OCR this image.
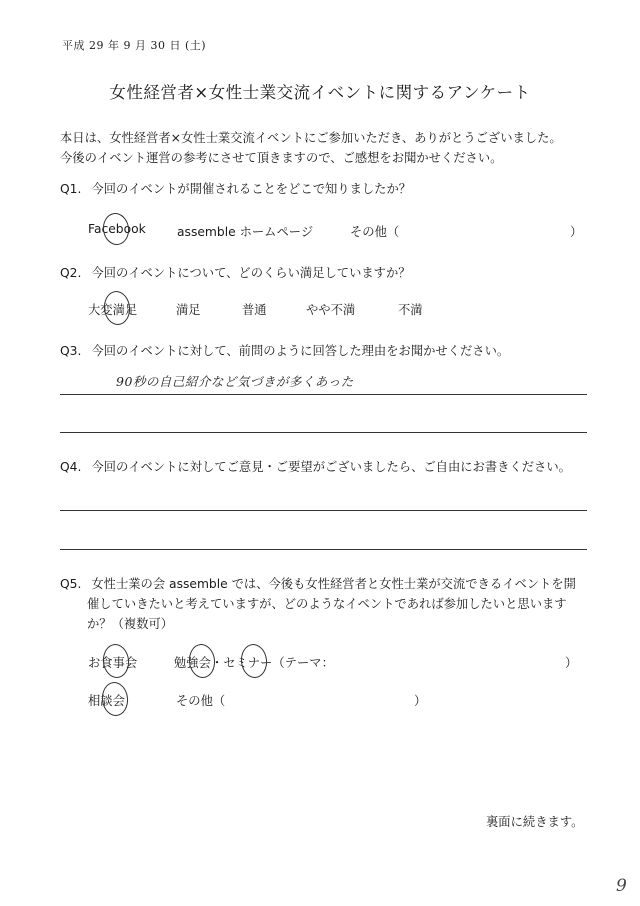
平成 29 年 9 月 30 日 (土)
女性経営者×女性士業交流イベントに関するアンケート
本日は、女性経営者×女性士業交流イベントにご参加いただき、ありがとうございました。
今後のイベント運営の参考にさせて頂きますので、ご感想をお聞かせください。
Q1. 今回のイベントが開催されることをどこで知りましたか？
Facebook	assemble ホームページ	その他（	）
Q2. 今回のイベントについて、どのくらい満足していますか？
大変満足	満足	普通	やや不満	不満
Q3. 今回のイベントに対して、前問のように回答した理由をお聞かせください。
90秒の自己紹介など気づきが多くあった
Q4. 今回のイベントに対してご意見・ご要望がございましたら、ご自由にお書きください。
Q5. 女性士業の会 assemble では、今後も女性経営者と女性士業が交流できるイベントを開
催していきたいと考えていますが、どのようなイベントであれば参加したいと思います
か？（複数可）
お食事会	勉強会・セミナー（テーマ：	）
相談会	その他（	）
裏面に続きます。
9
